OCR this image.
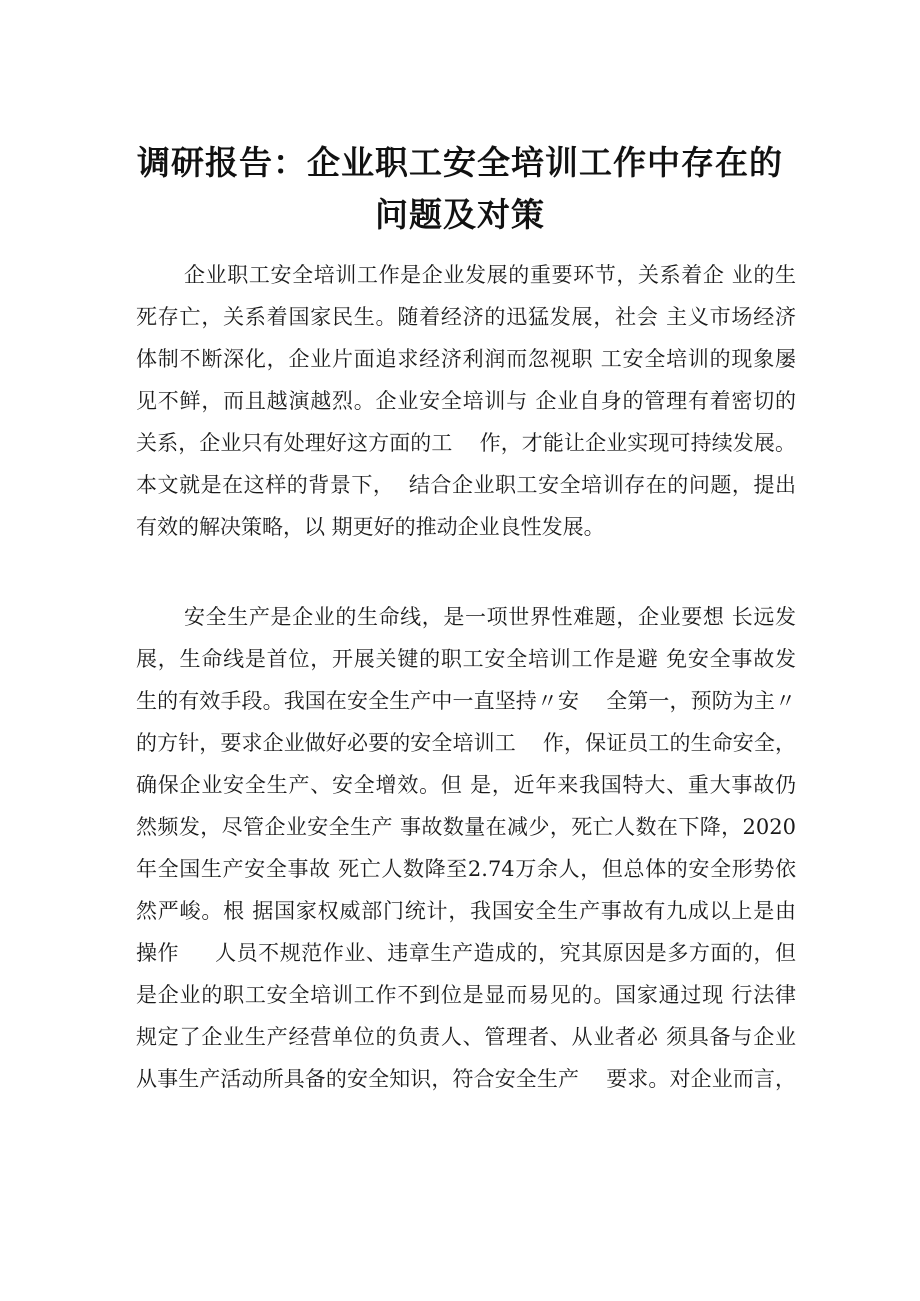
调研报告：企业职工安全培训工作中存在的
问题及对策
企业职工安全培训工作是企业发展的重要环节，关系着企 业的生
死存亡，关系着国家民生。随着经济的迅猛发展，社会 主义市场经济
体制不断深化，企业片面追求经济利润而忽视职 工安全培训的现象屡
见不鲜，而且越演越烈。企业安全培训与 企业自身的管理有着密切的
关系，企业只有处理好这方面的工    作，才能让企业实现可持续发展。
本文就是在这样的背景下，  结合企业职工安全培训存在的问题，提出
有效的解决策略，以 期更好的推动企业良性发展。
安全生产是企业的生命线，是一项世界性难题，企业要想 长远发
展，生命线是首位，开展关键的职工安全培训工作是避 免安全事故发
生的有效手段。我国在安全生产中一直坚持〃安    全第一，预防为主〃
的方针，要求企业做好必要的安全培训工    作，保证员工的生命安全，
确保企业安全生产、安全增效。但 是，近年来我国特大、重大事故仍
然频发，尽管企业安全生产 事故数量在减少，死亡人数在下降，2020
年全国生产安全事故 死亡人数降至2.74万余人，但总体的安全形势依
然严峻。根 据国家权威部门统计，我国安全生产事故有九成以上是由
操作     人员不规范作业、违章生产造成的，究其原因是多方面的，但
是企业的职工安全培训工作不到位是显而易见的。国家通过现 行法律
规定了企业生产经营单位的负责人、管理者、从业者必 须具备与企业
从事生产活动所具备的安全知识，符合安全生产    要求。对企业而言，
